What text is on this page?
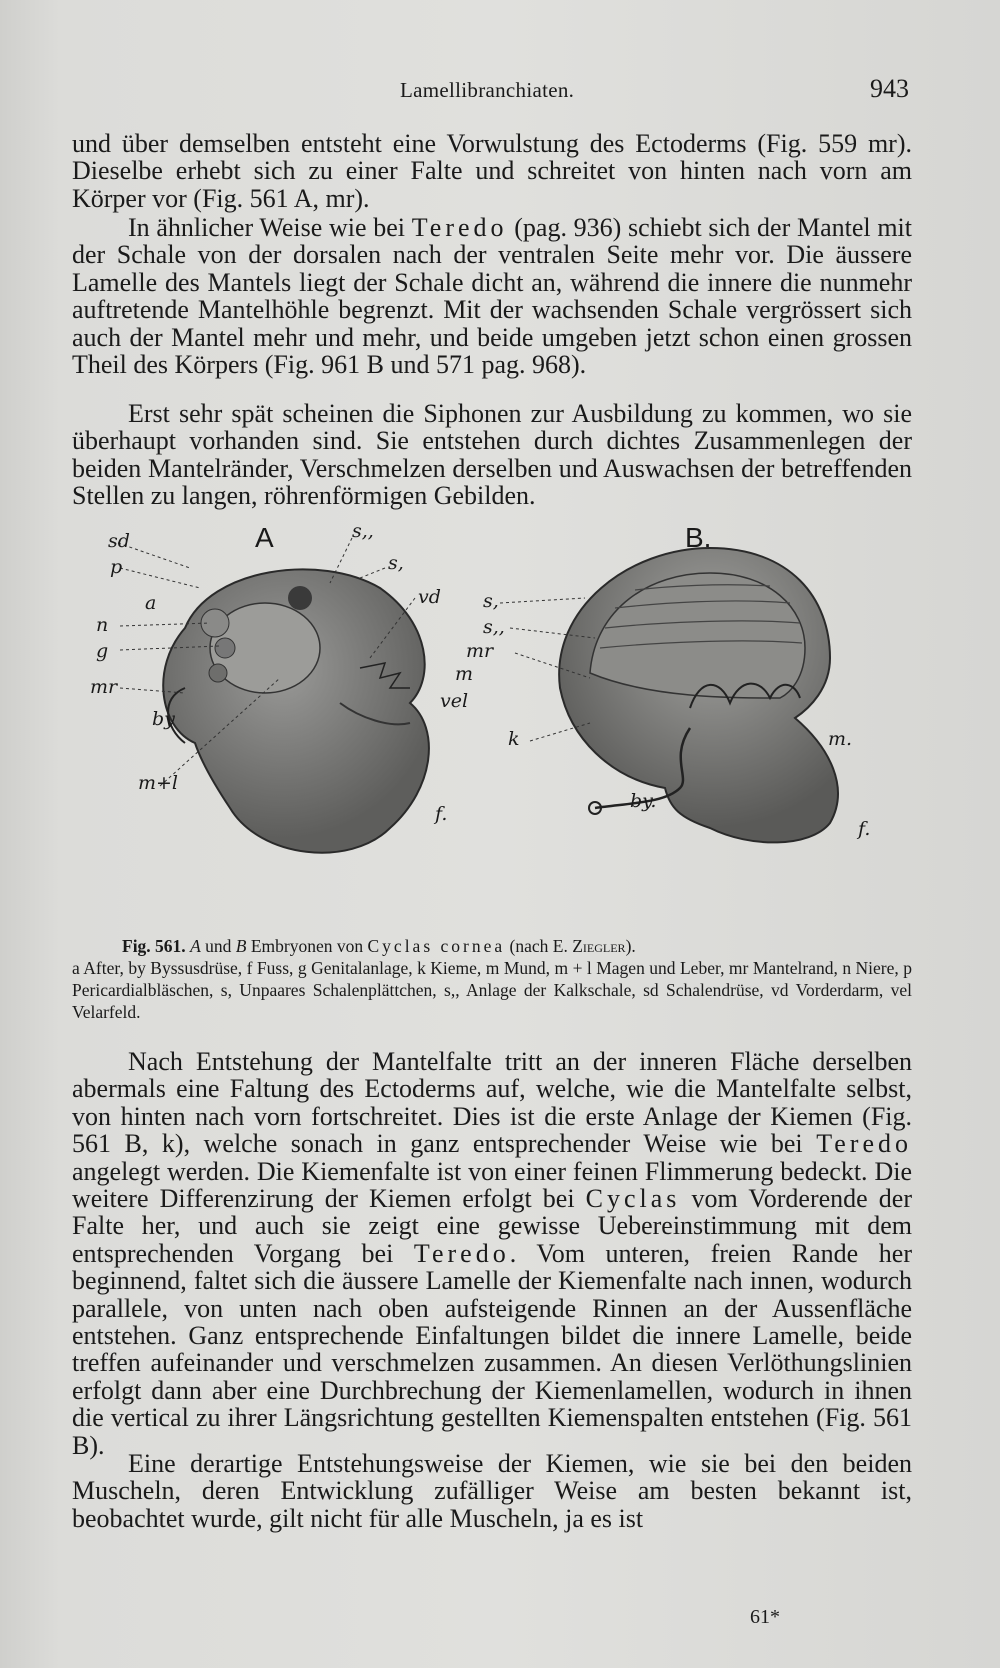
Lamellibranchiaten.	943

und über demselben entsteht eine Vorwulstung des Ectoderms (Fig. 559 mr). Dieselbe erhebt sich zu einer Falte und schreitet von hinten nach vorn am Körper vor (Fig. 561 A, mr).

In ähnlicher Weise wie bei Teredo (pag. 936) schiebt sich der Mantel mit der Schale von der dorsalen nach der ventralen Seite mehr vor. Die äussere Lamelle des Mantels liegt der Schale dicht an, während die innere die nunmehr auftretende Mantelhöhle begrenzt. Mit der wachsenden Schale vergrössert sich auch der Mantel mehr und mehr, und beide umgeben jetzt schon einen grossen Theil des Körpers (Fig. 961 B und 571 pag. 968).

Erst sehr spät scheinen die Siphonen zur Ausbildung zu kommen, wo sie überhaupt vorhanden sind. Sie entstehen durch dichtes Zusammenlegen der beiden Mantelränder, Verschmelzen derselben und Auswachsen der betreffenden Stellen zu langen, röhrenförmigen Gebilden.

A	B.
sd
p
a
n
g
mr
by
m+l
s,,
s,
vd
m
vel
f.
s,
s,,
mr
k
by.
m.
f.

Fig. 561. A und B Embryonen von Cyclas cornea (nach E. Ziegler).
a After, by Byssusdrüse, f Fuss, g Genitalanlage, k Kieme, m Mund, m + l Magen und Leber, mr Mantelrand, n Niere, p Pericardialbläschen, s, Unpaares Schalenplättchen, s,, Anlage der Kalkschale, sd Schalendrüse, vd Vorderdarm, vel Velarfeld.

Nach Entstehung der Mantelfalte tritt an der inneren Fläche derselben abermals eine Faltung des Ectoderms auf, welche, wie die Mantelfalte selbst, von hinten nach vorn fortschreitet. Dies ist die erste Anlage der Kiemen (Fig. 561 B, k), welche sonach in ganz entsprechender Weise wie bei Teredo angelegt werden. Die Kiemenfalte ist von einer feinen Flimmerung bedeckt. Die weitere Differenzirung der Kiemen erfolgt bei Cyclas vom Vorderende der Falte her, und auch sie zeigt eine gewisse Uebereinstimmung mit dem entsprechenden Vorgang bei Teredo. Vom unteren, freien Rande her beginnend, faltet sich die äussere Lamelle der Kiemenfalte nach innen, wodurch parallele, von unten nach oben aufsteigende Rinnen an der Aussenfläche entstehen. Ganz entsprechende Einfaltungen bildet die innere Lamelle, beide treffen aufeinander und verschmelzen zusammen. An diesen Verlöthungslinien erfolgt dann aber eine Durchbrechung der Kiemenlamellen, wodurch in ihnen die vertical zu ihrer Längsrichtung gestellten Kiemenspalten entstehen (Fig. 561 B).

Eine derartige Entstehungsweise der Kiemen, wie sie bei den beiden Muscheln, deren Entwicklung zufälliger Weise am besten bekannt ist, beobachtet wurde, gilt nicht für alle Muscheln, ja es ist

61*
